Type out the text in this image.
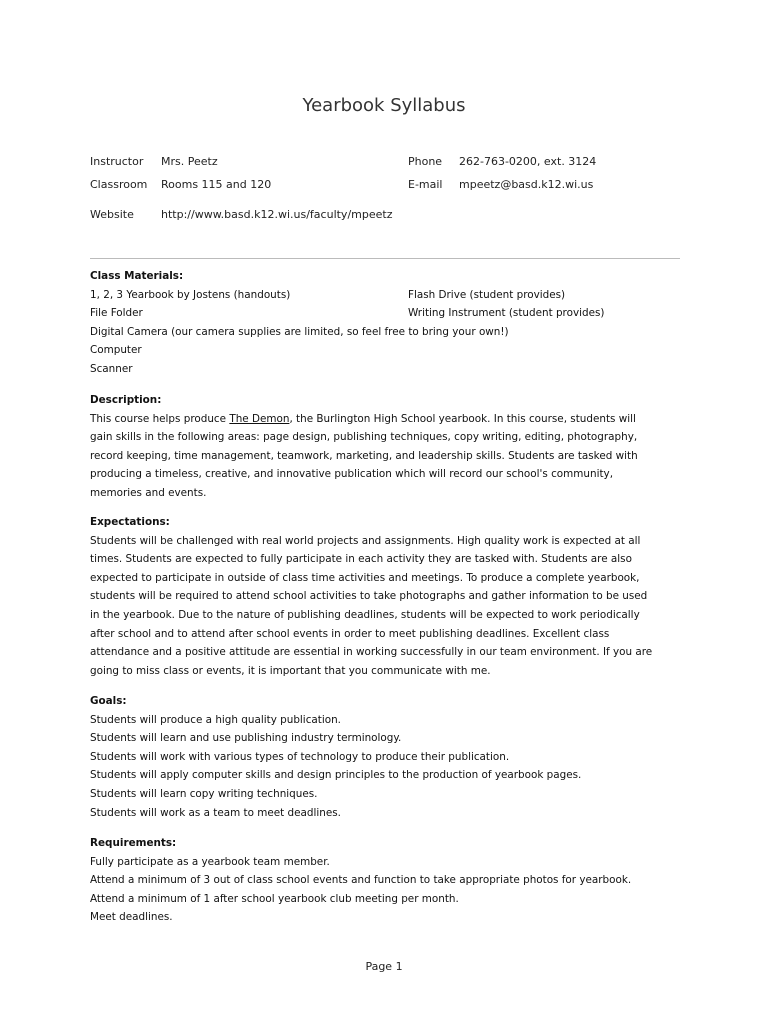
Yearbook Syllabus
Instructor Mrs. Peetz	Phone 262-763-0200, ext. 3124
Classroom Rooms 115 and 120	E-mail mpeetz@basd.k12.wi.us
Website http://www.basd.k12.wi.us/faculty/mpeetz
Class Materials:
1, 2, 3 Yearbook by Jostens (handouts)	Flash Drive (student provides)
File Folder	Writing Instrument (student provides)
Digital Camera (our camera supplies are limited, so feel free to bring your own!)
Computer
Scanner
Description:
This course helps produce The Demon, the Burlington High School yearbook. In this course, students will
gain skills in the following areas: page design, publishing techniques, copy writing, editing, photography,
record keeping, time management, teamwork, marketing, and leadership skills. Students are tasked with
producing a timeless, creative, and innovative publication which will record our school's community,
memories and events.
Expectations:
Students will be challenged with real world projects and assignments. High quality work is expected at all
times. Students are expected to fully participate in each activity they are tasked with. Students are also
expected to participate in outside of class time activities and meetings. To produce a complete yearbook,
students will be required to attend school activities to take photographs and gather information to be used
in the yearbook. Due to the nature of publishing deadlines, students will be expected to work periodically
after school and to attend after school events in order to meet publishing deadlines. Excellent class
attendance and a positive attitude are essential in working successfully in our team environment. If you are
going to miss class or events, it is important that you communicate with me.
Goals:
Students will produce a high quality publication.
Students will learn and use publishing industry terminology.
Students will work with various types of technology to produce their publication.
Students will apply computer skills and design principles to the production of yearbook pages.
Students will learn copy writing techniques.
Students will work as a team to meet deadlines.
Requirements:
Fully participate as a yearbook team member.
Attend a minimum of 3 out of class school events and function to take appropriate photos for yearbook.
Attend a minimum of 1 after school yearbook club meeting per month.
Meet deadlines.
Page 1
